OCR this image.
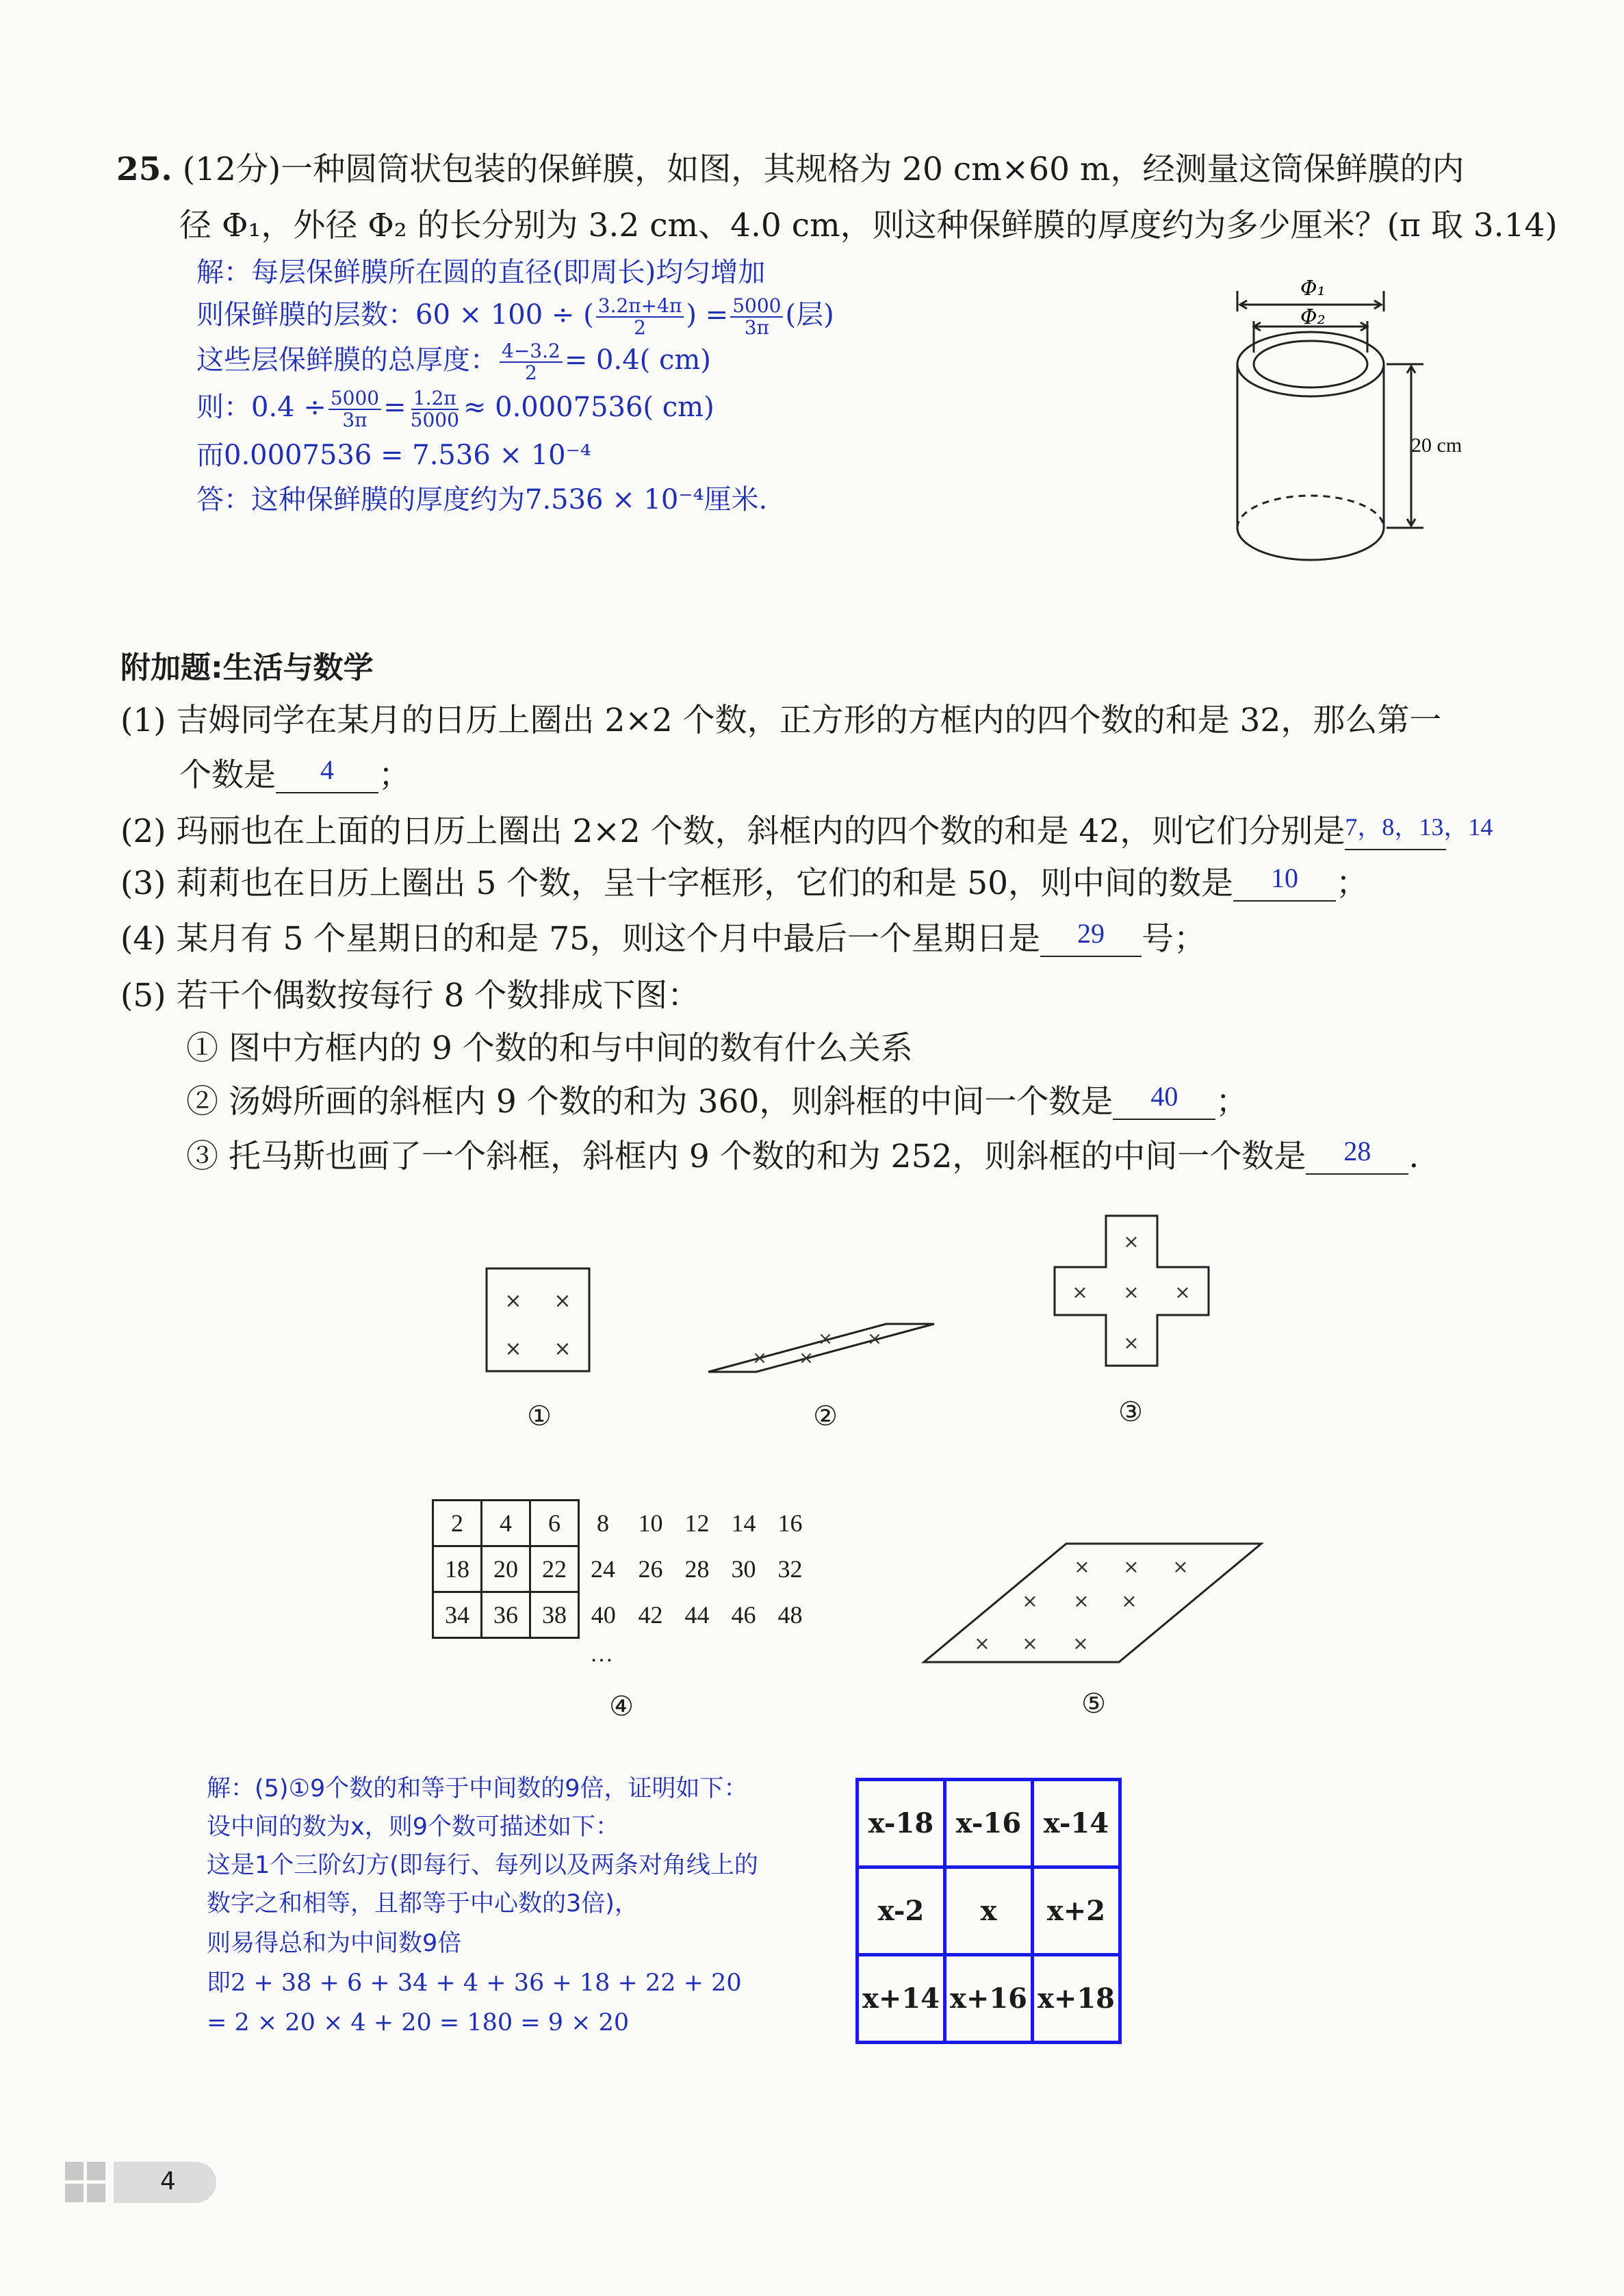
25. (12分)一种圆筒状包装的保鲜膜，如图，其规格为 20 cm×60 m，经测量这筒保鲜膜的内
径 Φ₁，外径 Φ₂ 的长分别为 3.2 cm、4.0 cm，则这种保鲜膜的厚度约为多少厘米？(π 取 3.14)
解：每层保鲜膜所在圆的直径(即周长)均匀增加
则保鲜膜的层数：60 × 100 ÷ ( $\frac{3.2\pi+4\pi}{2}$ ) = $\frac{5000}{3\pi}$ (层)
这些层保鲜膜的总厚度： $\frac{4-3.2}{2} = 0.4$( cm)
则：$0.4 \div \frac{5000}{3\pi} = \frac{1.2\pi}{5000} \approx 0.0007536$( cm)
而0.0007536 = 7.536 × 10⁻⁴
答：这种保鲜膜的厚度约为7.536 × 10⁻⁴厘米.
Φ₁
Φ₂
20 cm
附加题:生活与数学
(1) 吉姆同学在某月的日历上圈出 2×2 个数，正方形的方框内的四个数的和是 32，那么第一
个数是 4 ；
(2) 玛丽也在上面的日历上圈出 2×2 个数，斜框内的四个数的和是 42，则它们分别是$^{7,8,13,14}$
(3) 莉莉也在日历上圈出 5 个数，呈十字框形，它们的和是 50，则中间的数是 10 ；
(4) 某月有 5 个星期日的和是 75，则这个月中最后一个星期日是 29 号；
(5) 若干个偶数按每行 8 个数排成下图：
① 图中方框内的 9 个数的和与中间的数有什么关系
② 汤姆所画的斜框内 9 个数的和为 360，则斜框的中间一个数是 40 ；
③ 托马斯也画了一个斜框，斜框内 9 个数的和为 252，则斜框的中间一个数是 28 .
× ×
× ×
①
× ×
× ×
②
×
× × ×
×
③
2	4	6	8	10	12	14	16
18	20	22	24	26	28	30	32
34	36	38	40	42	44	46	48
…
④
× × ×
× × ×
× × ×
⑤
解：(5)①9个数的和等于中间数的9倍，证明如下：
设中间的数为x，则9个数可描述如下：
这是1个三阶幻方(即每行、每列以及两条对角线上的
数字之和相等，且都等于中心数的3倍)，
则易得总和为中间数9倍
即2 + 38 + 6 + 34 + 4 + 36 + 18 + 22 + 20
= 2 × 20 × 4 + 20 = 180 = 9 × 20
x-18	x-16	x-14
x-2	x	x+2
x+14	x+16	x+18
4
